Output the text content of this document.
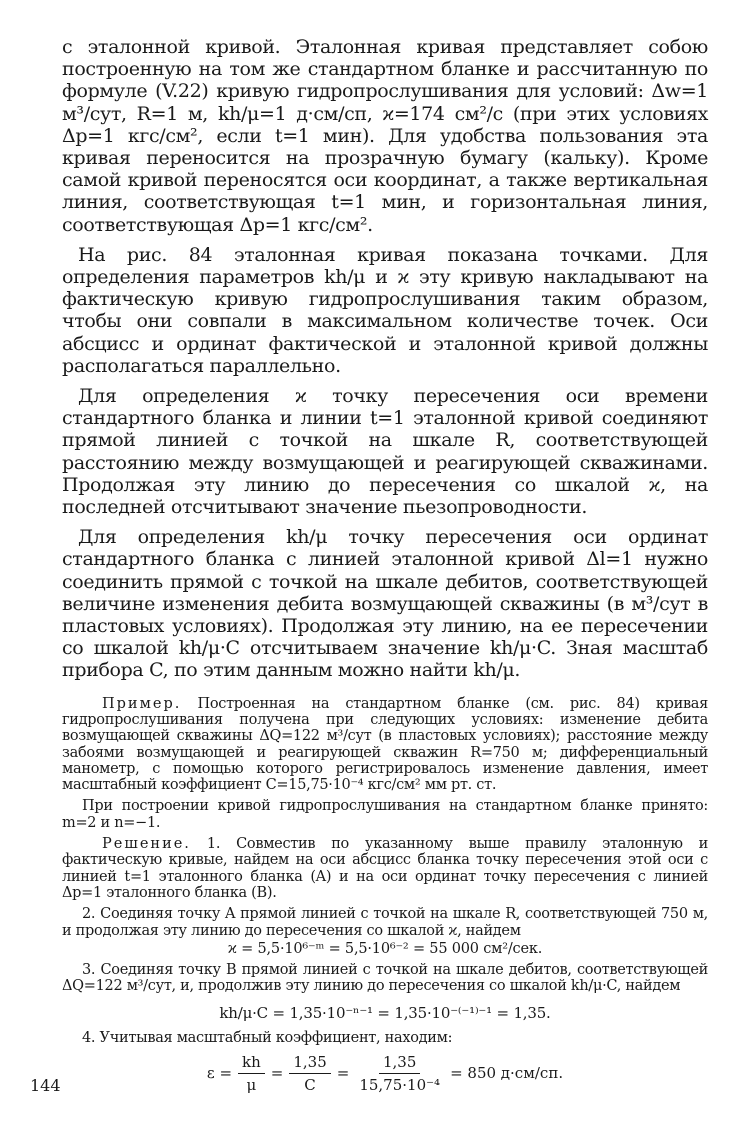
с эталонной кривой. Эталонная кривая представляет собою построенную на том же стандартном бланке и рассчитанную по формуле (V.22) кривую гидропрослушивания для условий: Δw=1 м³/сут, R=1 м, kh/μ=1 д·см/сп, ϰ=174 см²/с (при этих условиях Δp=1 кгс/см², если t=1 мин). Для удобства пользования эта кривая переносится на прозрачную бумагу (кальку). Кроме самой кривой переносятся оси координат, а также вертикальная линия, соответствующая t=1 мин, и горизонтальная линия, соответствующая Δp=1 кгс/см².

На рис. 84 эталонная кривая показана точками. Для определения параметров kh/μ и ϰ эту кривую накладывают на фактическую кривую гидропрослушивания таким образом, чтобы они совпали в максимальном количестве точек. Оси абсцисс и ординат фактической и эталонной кривой должны располагаться параллельно.

Для определения ϰ точку пересечения оси времени стандартного бланка и линии t=1 эталонной кривой соединяют прямой линией с точкой на шкале R, соответствующей расстоянию между возмущающей и реагирующей скважинами. Продолжая эту линию до пересечения со шкалой ϰ, на последней отсчитывают значение пьезопроводности.

Для определения kh/μ точку пересечения оси ординат стандартного бланка с линией эталонной кривой Δl=1 нужно соединить прямой с точкой на шкале дебитов, соответствующей величине изменения дебита возмущающей скважины (в м³/сут в пластовых условиях). Продолжая эту линию, на ее пересечении со шкалой kh/μ·C отсчитываем значение kh/μ·C. Зная масштаб прибора C, по этим данным можно найти kh/μ.

Пример. Построенная на стандартном бланке (см. рис. 84) кривая гидропрослушивания получена при следующих условиях: изменение дебита возмущающей скважины ΔQ=122 м³/сут (в пластовых условиях); расстояние между забоями возмущающей и реагирующей скважин R=750 м; дифференциальный манометр, с помощью которого регистрировалось изменение давления, имеет масштабный коэффициент C=15,75·10⁻⁴ кгс/см² мм рт. ст.

При построении кривой гидропрослушивания на стандартном бланке принято: m=2 и n=−1.

Решение. 1. Совместив по указанному выше правилу эталонную и фактическую кривые, найдем на оси абсцисс бланка точку пересечения этой оси с линией t=1 эталонного бланка (A) и на оси ординат точку пересечения с линией Δp=1 эталонного бланка (B).

2. Соединяя точку A прямой линией с точкой на шкале R, соответствующей 750 м, и продолжая эту линию до пересечения со шкалой ϰ, найдем

ϰ = 5,5·10⁶⁻ᵐ = 5,5·10⁶⁻² = 55 000 см²/сек.

3. Соединяя точку B прямой линией с точкой на шкале дебитов, соответствующей ΔQ=122 м³/сут, и, продолжив эту линию до пересечения со шкалой kh/μ·C, найдем

kh/μ·C = 1,35·10⁻ⁿ⁻¹ = 1,35·10⁻⁽⁻¹⁾⁻¹ = 1,35.

4. Учитывая масштабный коэффициент, находим:

$\varepsilon = \frac{kh}{\mu} = \frac{1,35}{C} = \frac{1,35}{\text{15,75·10⁻⁴}} = 850$ д·см/сп.
144
